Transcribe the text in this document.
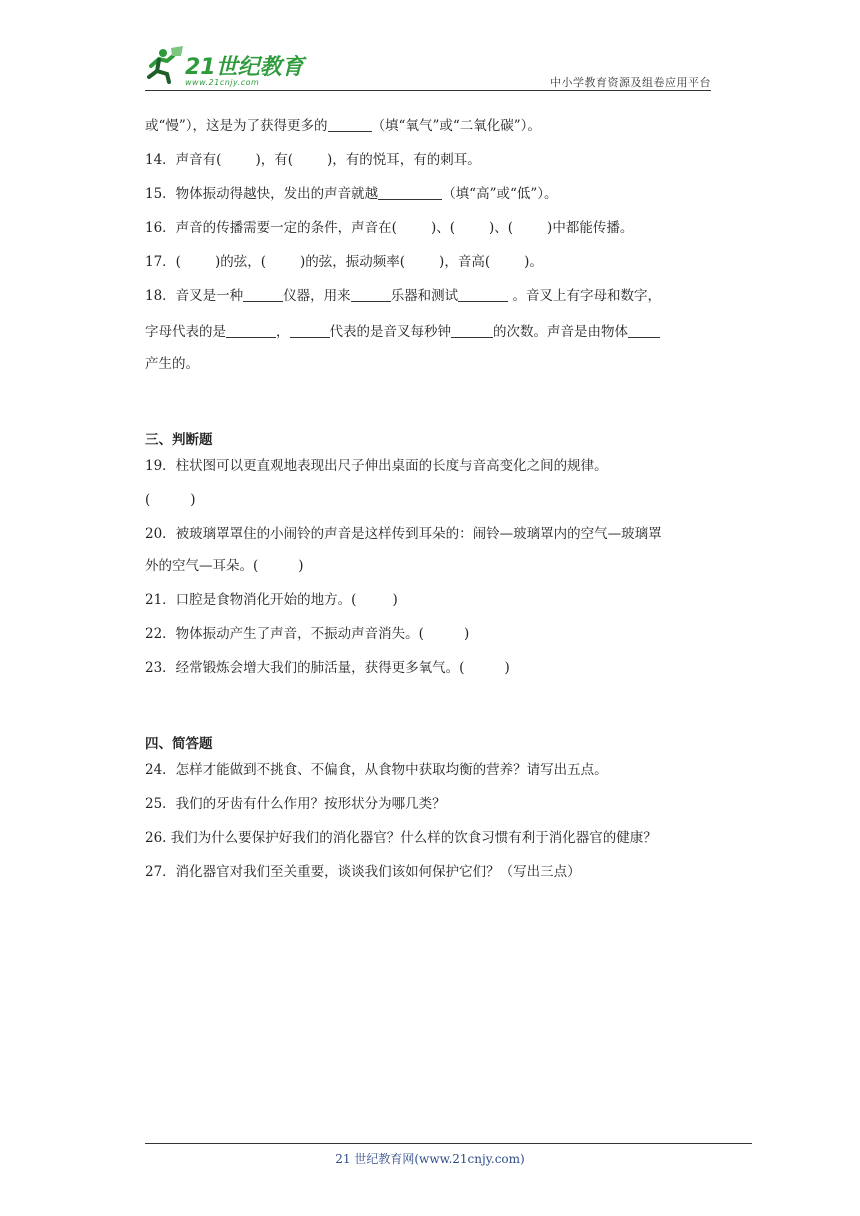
21世纪教育
www.21cnjy.com	中小学教育资源及组卷应用平台
或“慢”），这是为了获得更多的	（填“氧气”或“二氧化碳”）。
14．声音有(	)，有(	)，有的悦耳，有的刺耳。
15．物体振动得越快，发出的声音就越	（填“高”或“低”）。
16．声音的传播需要一定的条件，声音在(	)、(	)、(	)中都能传播。
17．(	)的弦，(	)的弦，振动频率(	)，音高(	)。
18．音叉是一种	仪器，用来	乐器和测试	。音叉上有字母和数字，
字母代表的是	，	代表的是音叉每秒钟	的次数。声音是由物体
产生的。
三、判断题
19．柱状图可以更直观地表现出尺子伸出桌面的长度与音高变化之间的规律。
(	)
20．被玻璃罩罩住的小闹铃的声音是这样传到耳朵的：闹铃—玻璃罩内的空气—玻璃罩
外的空气—耳朵。(	)
21．口腔是食物消化开始的地方。(	)
22．物体振动产生了声音，不振动声音消失。(	)
23．经常锻炼会增大我们的肺活量，获得更多氧气。(	)
四、简答题
24．怎样才能做到不挑食、不偏食，从食物中获取均衡的营养？请写出五点。
25．我们的牙齿有什么作用？按形状分为哪几类？
26. 我们为什么要保护好我们的消化器官？什么样的饮食习惯有利于消化器官的健康？
27．消化器官对我们至关重要，谈谈我们该如何保护它们？（写出三点）
21 世纪教育网(www.21cnjy.com)
